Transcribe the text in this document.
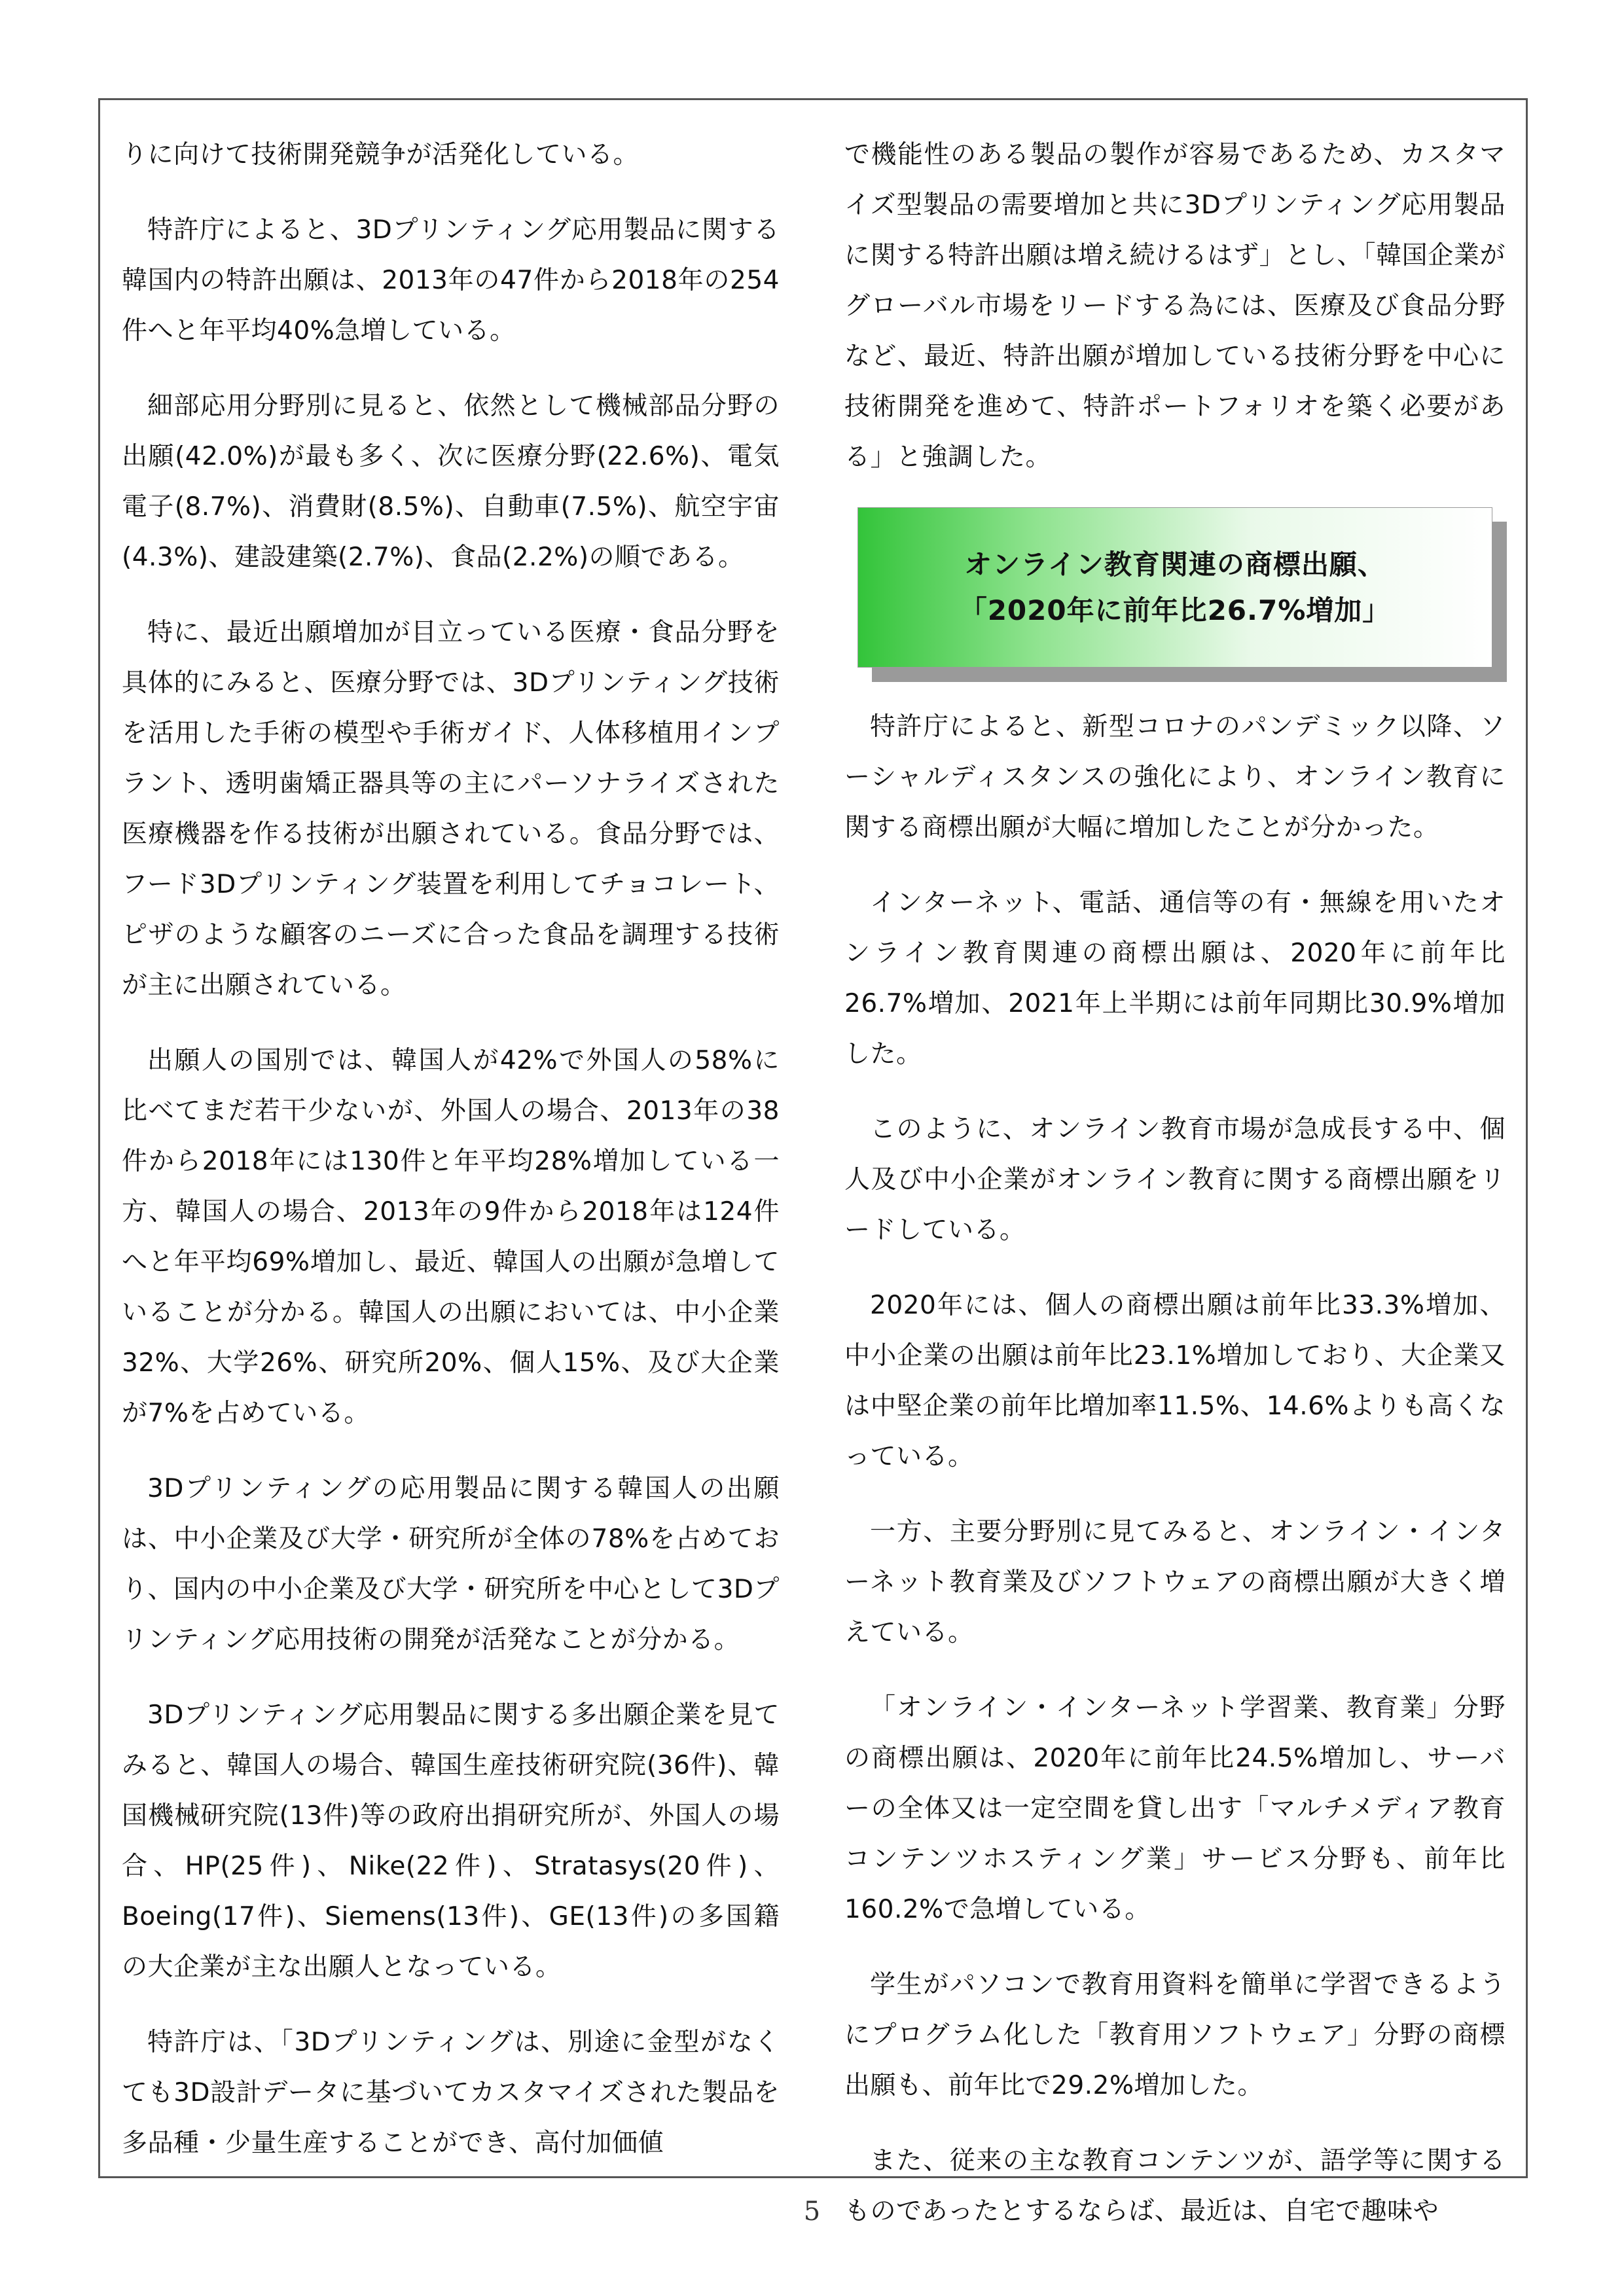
りに向けて技術開発競争が活発化している。

特許庁によると、3Dプリンティング応用製品に関する韓国内の特許出願は、2013年の47件から2018年の254件へと年平均40%急増している。

細部応用分野別に見ると、依然として機械部品分野の出願(42.0%)が最も多く、次に医療分野(22.6%)、電気電子(8.7%)、消費財(8.5%)、自動車(7.5%)、航空宇宙(4.3%)、建設建築(2.7%)、食品(2.2%)の順である。

特に、最近出願増加が目立っている医療・食品分野を具体的にみると、医療分野では、3Dプリンティング技術を活用した手術の模型や手術ガイド、人体移植用インプラント、透明歯矯正器具等の主にパーソナライズされた医療機器を作る技術が出願されている。食品分野では、フード3Dプリンティング装置を利用してチョコレート、ピザのような顧客のニーズに合った食品を調理する技術が主に出願されている。

出願人の国別では、韓国人が42%で外国人の58%に比べてまだ若干少ないが、外国人の場合、2013年の38件から2018年には130件と年平均28%増加している一方、韓国人の場合、2013年の9件から2018年は124件へと年平均69%増加し、最近、韓国人の出願が急増していることが分かる。韓国人の出願においては、中小企業32%、大学26%、研究所20%、個人15%、及び大企業が7%を占めている。

3Dプリンティングの応用製品に関する韓国人の出願は、中小企業及び大学・研究所が全体の78%を占めており、国内の中小企業及び大学・研究所を中心として3Dプリンティング応用技術の開発が活発なことが分かる。

3Dプリンティング応用製品に関する多出願企業を見てみると、韓国人の場合、韓国生産技術研究院(36件)、韓国機械研究院(13件)等の政府出捐研究所が、外国人の場合、HP(25件)、Nike(22件)、Stratasys(20件)、Boeing(17件)、Siemens(13件)、GE(13件)の多国籍の大企業が主な出願人となっている。

特許庁は、「3Dプリンティングは、別途に金型がなくても3D設計データに基づいてカスタマイズされた製品を多品種・少量生産することができ、高付加価値

で機能性のある製品の製作が容易であるため、カスタマイズ型製品の需要増加と共に3Dプリンティング応用製品に関する特許出願は増え続けるはず」とし、「韓国企業がグローバル市場をリードする為には、医療及び食品分野など、最近、特許出願が増加している技術分野を中心に技術開発を進めて、特許ポートフォリオを築く必要がある」と強調した。

オンライン教育関連の商標出願、
「2020年に前年比26.7%増加」

特許庁によると、新型コロナのパンデミック以降、ソーシャルディスタンスの強化により、オンライン教育に関する商標出願が大幅に増加したことが分かった。

インターネット、電話、通信等の有・無線を用いたオンライン教育関連の商標出願は、2020年に前年比26.7%増加、2021年上半期には前年同期比30.9%増加した。

このように、オンライン教育市場が急成長する中、個人及び中小企業がオンライン教育に関する商標出願をリードしている。

2020年には、個人の商標出願は前年比33.3%増加、中小企業の出願は前年比23.1%増加しており、大企業又は中堅企業の前年比増加率11.5%、14.6%よりも高くなっている。

一方、主要分野別に見てみると、オンライン・インターネット教育業及びソフトウェアの商標出願が大きく増えている。

「オンライン・インターネット学習業、教育業」分野の商標出願は、2020年に前年比24.5%増加し、サーバーの全体又は一定空間を貸し出す「マルチメディア教育コンテンツホスティング業」サービス分野も、前年比160.2%で急増している。

学生がパソコンで教育用資料を簡単に学習できるようにプログラム化した「教育用ソフトウェア」分野の商標出願も、前年比で29.2%増加した。

また、従来の主な教育コンテンツが、語学等に関するものであったとするならば、最近は、自宅で趣味や

5
